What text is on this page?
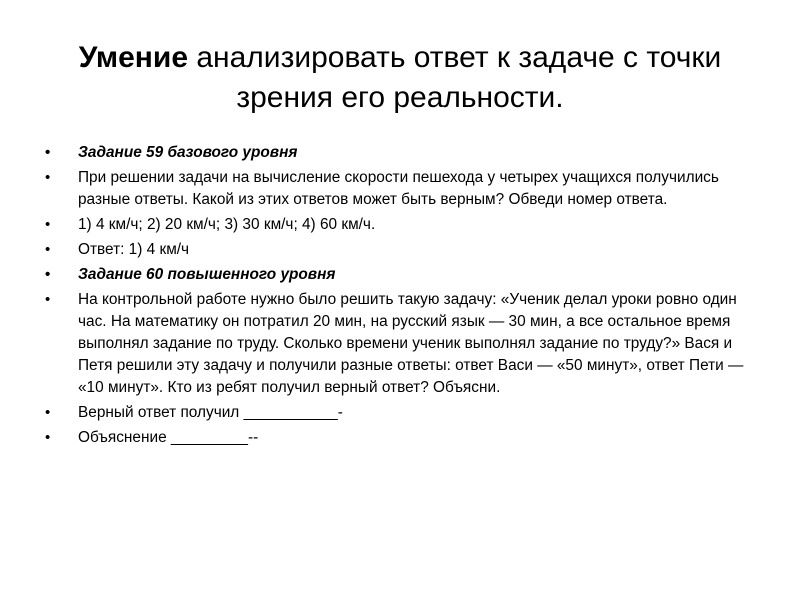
Умение анализировать ответ к задаче с точки зрения его реальности.
•	Задание 59 базового уровня
•	При решении задачи на вычисление скорости пешехода у четырех учащихся получились разные ответы. Какой из этих ответов может быть верным? Обведи номер ответа.
•	1) 4 км/ч; 2) 20 км/ч; 3) 30 км/ч; 4) 60 км/ч.
•	Ответ: 1) 4 км/ч
•	Задание 60 повышенного уровня
•	На контрольной работе нужно было решить такую задачу: «Ученик делал уроки ровно один час. На математику он потратил 20 мин, на русский язык — 30 мин, а все остальное время выполнял задание по труду. Сколько времени ученик выполнял задание по труду?» Вася и Петя решили эту задачу и получили разные ответы: ответ Васи — «50 минут», ответ Пети — «10 минут». Кто из ребят получил верный ответ? Объясни.
•	Верный ответ получил ___________-
•	Объяснение _________--
